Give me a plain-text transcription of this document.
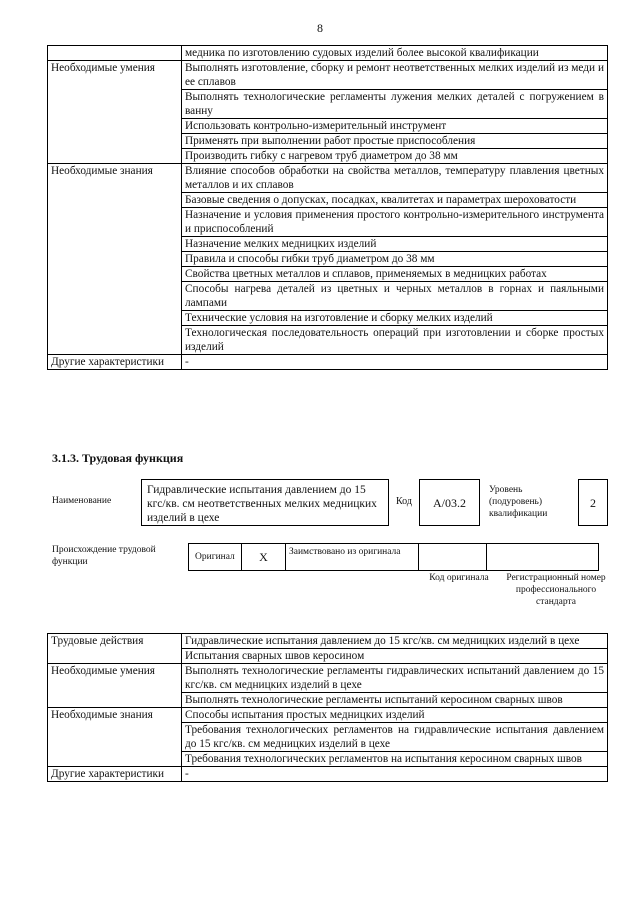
8
	медника по изготовлению судовых изделий более высокой квалификации
Необходимые умения	Выполнять изготовление, сборку и ремонт неответственных мелких изделий из меди и ее сплавов
	Выполнять технологические регламенты лужения мелких деталей с погружением в ванну
	Использовать контрольно-измерительный инструмент
	Применять при выполнении работ простые приспособления
	Производить гибку с нагревом труб диаметром до 38 мм
Необходимые знания	Влияние способов обработки на свойства металлов, температуру плавления цветных металлов и их сплавов
	Базовые сведения о допусках, посадках, квалитетах и параметрах шероховатости
	Назначение и условия применения простого контрольно-измерительного инструмента и приспособлений
	Назначение мелких медницких изделий
	Правила и способы гибки труб диаметром до 38 мм
	Свойства цветных металлов и сплавов, применяемых в медницких работах
	Способы нагрева деталей из цветных и черных металлов в горнах и паяльными лампами
	Технические условия на изготовление и сборку мелких изделий
	Технологическая последовательность операций при изготовлении и сборке простых изделий
Другие характеристики	-
3.1.3. Трудовая функция
Наименование
Гидравлические испытания давлением до 15 кгс/кв. см неответственных мелких медницких изделий в цехе
Код	А/03.2
Уровень (подуровень) квалификации
2
Происхождение трудовой функции	Оригинал	X	Заимствовано из оригинала
Код оригинала	Регистрационный номер профессионального стандарта
Трудовые действия	Гидравлические испытания давлением до 15 кгс/кв. см медницких изделий в цехе
	Испытания сварных швов керосином
Необходимые умения	Выполнять технологические регламенты гидравлических испытаний давлением до 15 кгс/кв. см медницких изделий в цехе
	Выполнять технологические регламенты испытаний керосином сварных швов
Необходимые знания	Способы испытания простых медницких изделий
	Требования технологических регламентов на гидравлические испытания давлением до 15 кгс/кв. см медницких изделий в цехе
	Требования технологических регламентов на испытания керосином сварных швов
Другие характеристики	-
